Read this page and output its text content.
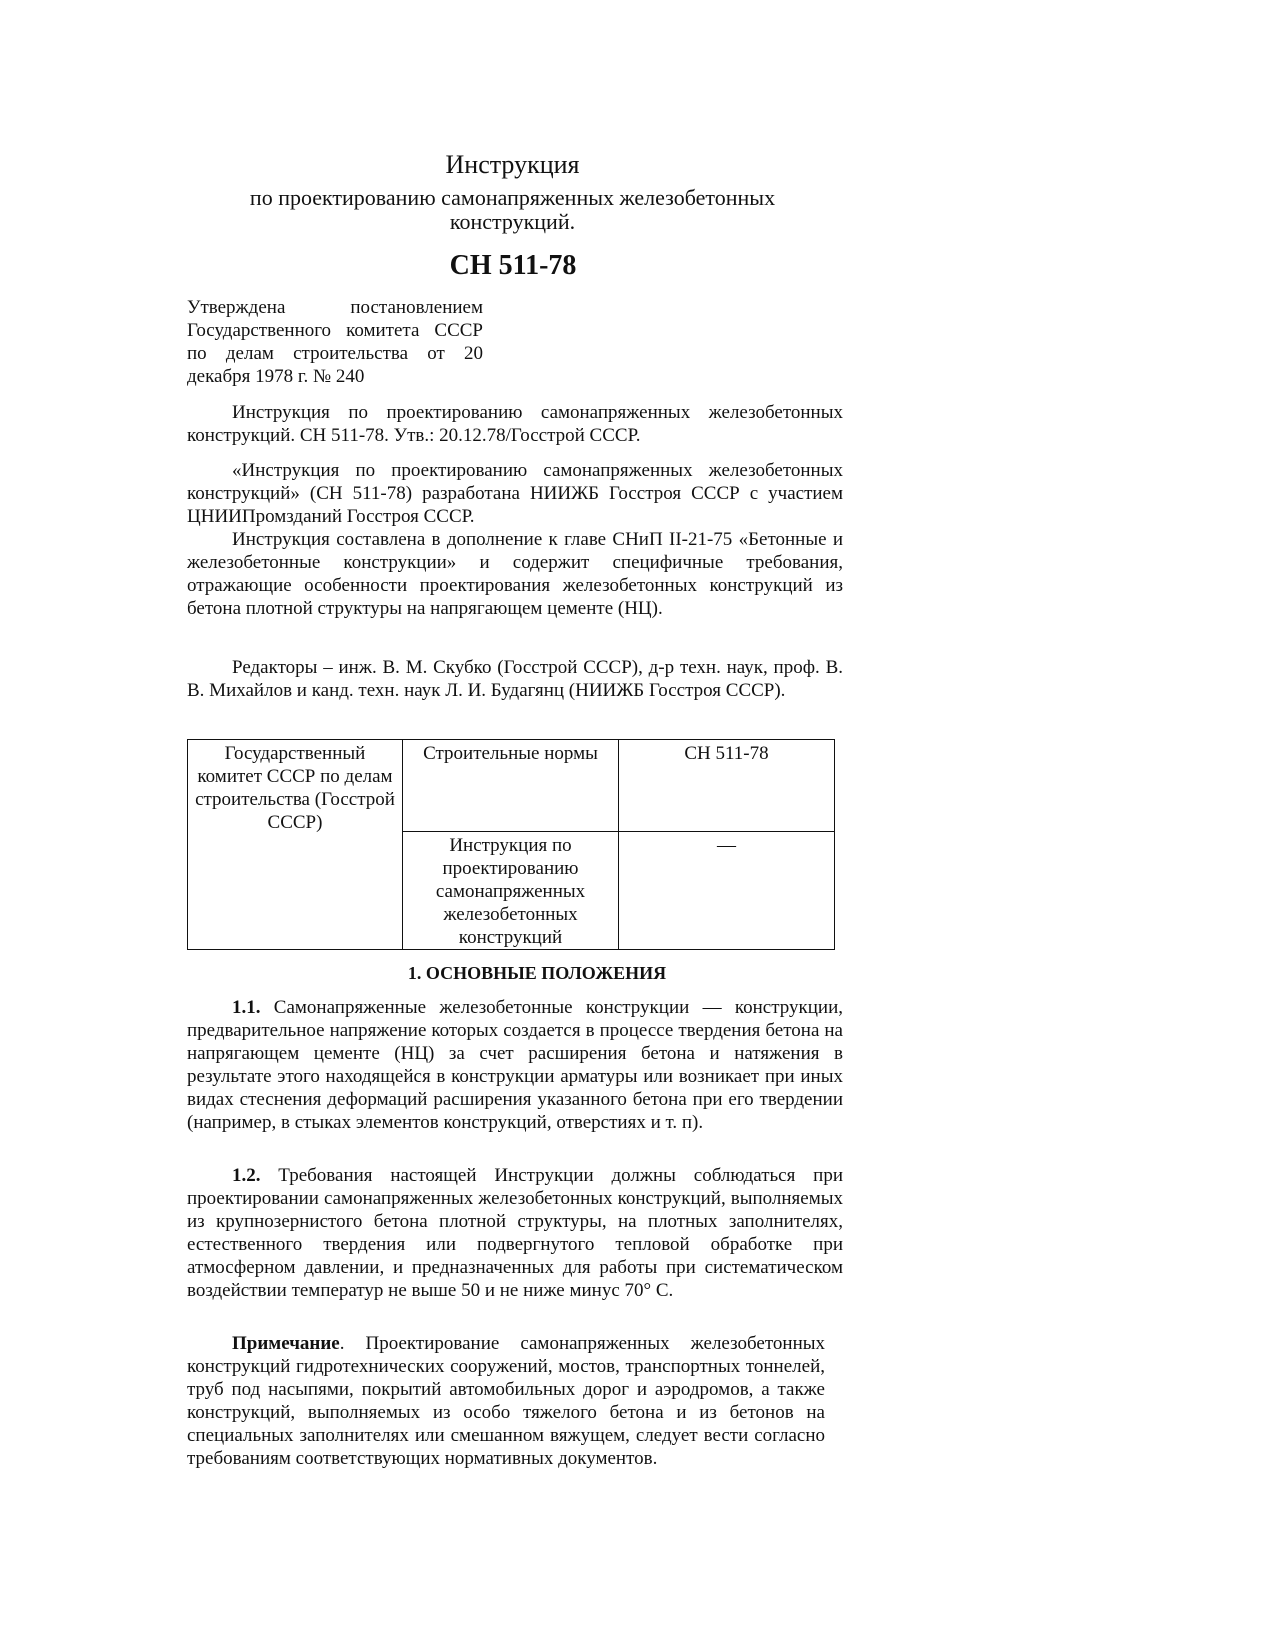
Инструкция
по проектированию самонапряженных железобетонных конструкций.
СН 511-78
Утверждена постановлением Государственного комитета СССР по делам строительства от 20 декабря 1978 г. № 240
Инструкция по проектированию самонапряженных железобетонных конструкций. СН 511-78. Утв.: 20.12.78/Госстрой СССР.
«Инструкция по проектированию самонапряженных железобетонных конструкций» (СН 511-78) разработана НИИЖБ Госстроя СССР с участием ЦНИИПромзданий Госстроя СССР.
Инструкция составлена в дополнение к главе СНиП II-21-75 «Бетонные и железобетонные конструкции» и содержит специфичные требования, отражающие особенности проектирования железобетонных конструкций из бетона плотной структуры на напрягающем цементе (НЦ).
Редакторы – инж. В. М. Скубко (Госстрой СССР), д-р техн. наук, проф. В. В. Михайлов и канд. техн. наук Л. И. Будагянц (НИИЖБ Госстроя СССР).
Государственный комитет СССР по делам строительства (Госстрой СССР)	Строительные нормы	СН 511-78
	Инструкция по проектированию самонапряженных железобетонных конструкций	—
1. ОСНОВНЫЕ ПОЛОЖЕНИЯ
1.1. Самонапряженные железобетонные конструкции — конструкции, предварительное напряжение которых создается в процессе твердения бетона на напрягающем цементе (НЦ) за счет расширения бетона и натяжения в результате этого находящейся в конструкции арматуры или возникает при иных видах стеснения деформаций расширения указанного бетона при его твердении (например, в стыках элементов конструкций, отверстиях и т. п).
1.2. Требования настоящей Инструкции должны соблюдаться при проектировании самонапряженных железобетонных конструкций, выполняемых из крупнозернистого бетона плотной структуры, на плотных заполнителях, естественного твердения или подвергнутого тепловой обработке при атмосферном давлении, и предназначенных для работы при систематическом воздействии температур не выше 50 и не ниже минус 70° С.
Примечание. Проектирование самонапряженных железобетонных конструкций гидротехнических сооружений, мостов, транспортных тоннелей, труб под насыпями, покрытий автомобильных дорог и аэродромов, а также конструкций, выполняемых из особо тяжелого бетона и из бетонов на специальных заполнителях или смешанном вяжущем, следует вести согласно требованиям соответствующих нормативных документов.
